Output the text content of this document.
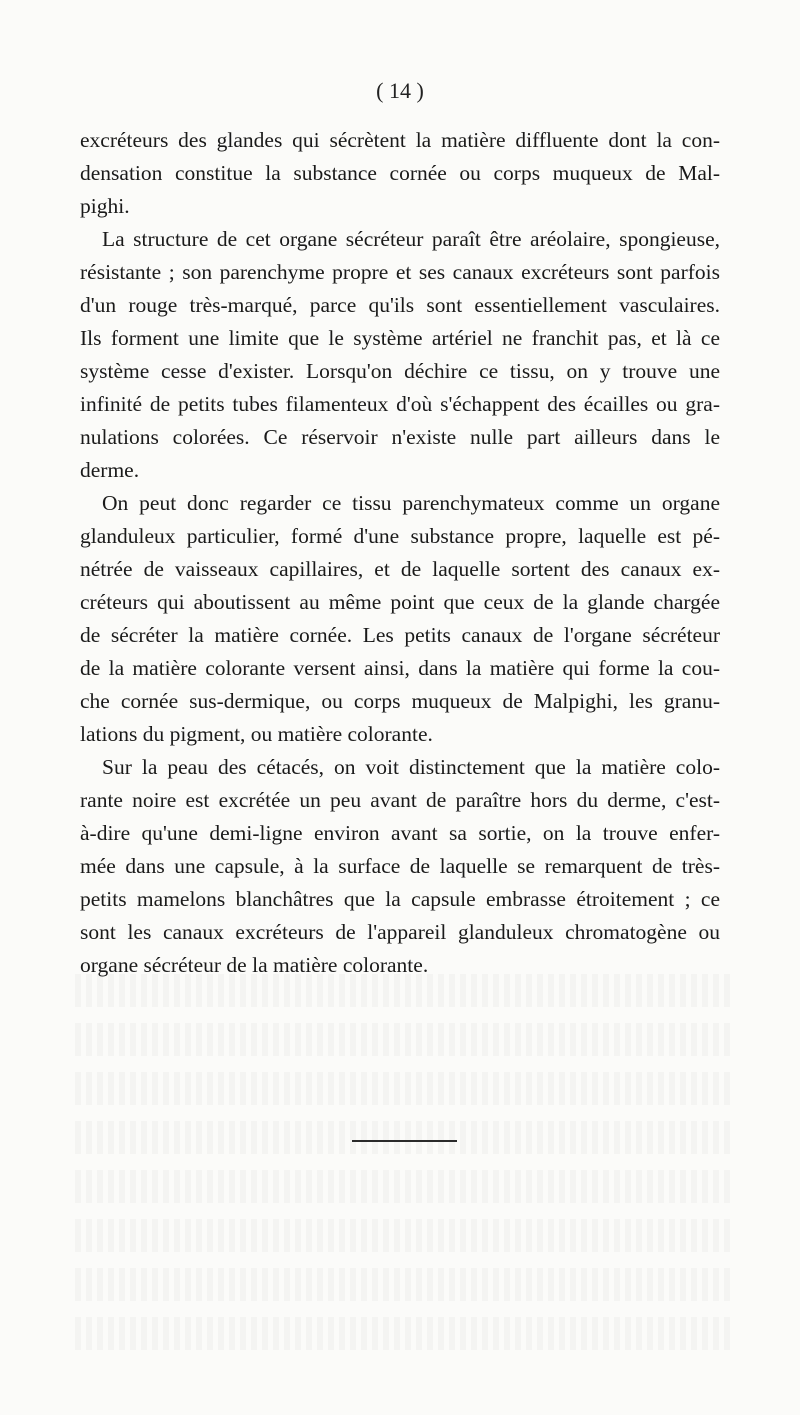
( 14 )
excréteurs des glandes qui sécrètent la matière diffluente dont la con-
densation constitue la substance cornée ou corps muqueux de Mal-
pighi.
La structure de cet organe sécréteur paraît être aréolaire, spongieuse,
résistante ; son parenchyme propre et ses canaux excréteurs sont parfois
d'un rouge très-marqué, parce qu'ils sont essentiellement vasculaires.
Ils forment une limite que le système artériel ne franchit pas, et là ce
système cesse d'exister. Lorsqu'on déchire ce tissu, on y trouve une
infinité de petits tubes filamenteux d'où s'échappent des écailles ou gra-
nulations colorées. Ce réservoir n'existe nulle part ailleurs dans le
derme.
On peut donc regarder ce tissu parenchymateux comme un organe
glanduleux particulier, formé d'une substance propre, laquelle est pé-
nétrée de vaisseaux capillaires, et de laquelle sortent des canaux ex-
créteurs qui aboutissent au même point que ceux de la glande chargée
de sécréter la matière cornée. Les petits canaux de l'organe sécréteur
de la matière colorante versent ainsi, dans la matière qui forme la cou-
che cornée sus-dermique, ou corps muqueux de Malpighi, les granu-
lations du pigment, ou matière colorante.
Sur la peau des cétacés, on voit distinctement que la matière colo-
rante noire est excrétée un peu avant de paraître hors du derme, c'est-
à-dire qu'une demi-ligne environ avant sa sortie, on la trouve enfer-
mée dans une capsule, à la surface de laquelle se remarquent de très-
petits mamelons blanchâtres que la capsule embrasse étroitement ; ce
sont les canaux excréteurs de l'appareil glanduleux chromatogène ou
organe sécréteur de la matière colorante.
